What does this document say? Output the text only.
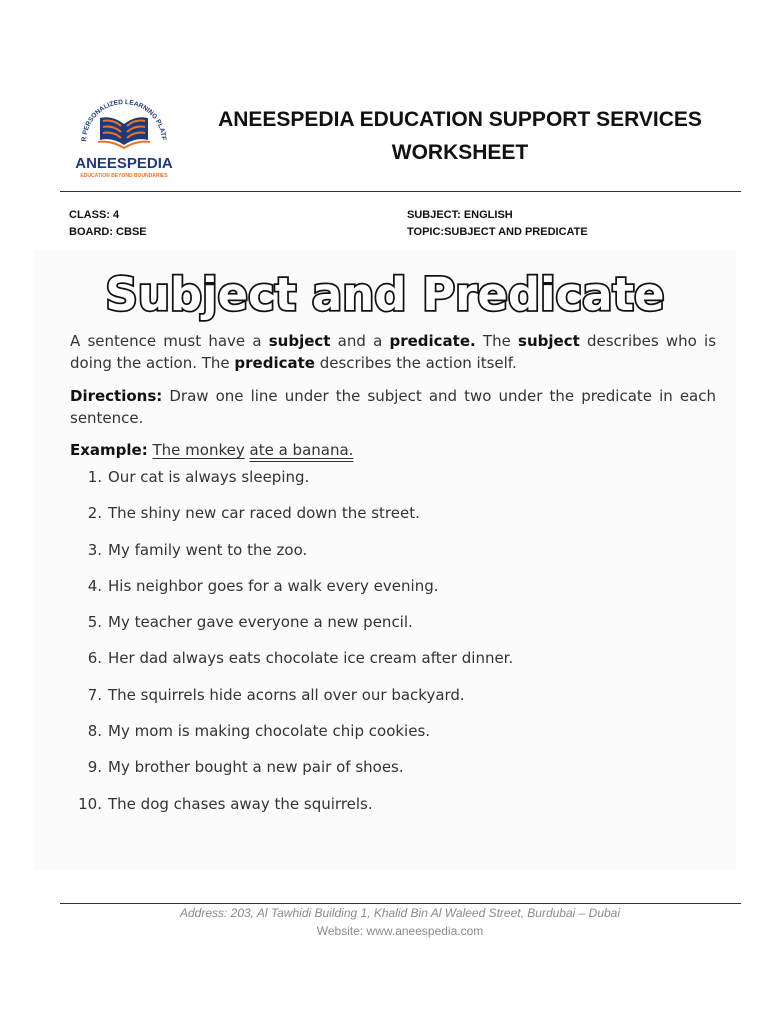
R PERSONALIZED LEARNING PLATF
ANEESPEDIA
EDUCATION BEYOND BOUNDARIES
ANEESPEDIA EDUCATION SUPPORT SERVICES
WORKSHEET
CLASS: 4
BOARD: CBSE
SUBJECT: ENGLISH
TOPIC:SUBJECT AND PREDICATE
Subject and Predicate

A sentence must have a subject and a predicate. The subject describes who is doing the action. The predicate describes the action itself.

Directions: Draw one line under the subject and two under the predicate in each sentence.

Example: The monkey ate a banana.

1. Our cat is always sleeping.
2. The shiny new car raced down the street.
3. My family went to the zoo.
4. His neighbor goes for a walk every evening.
5. My teacher gave everyone a new pencil.
6. Her dad always eats chocolate ice cream after dinner.
7. The squirrels hide acorns all over our backyard.
8. My mom is making chocolate chip cookies.
9. My brother bought a new pair of shoes.
10. The dog chases away the squirrels.
Address: 203, Al Tawhidi Building 1, Khalid Bin Al Waleed Street, Burdubai – Dubai
Website: www.aneespedia.com
